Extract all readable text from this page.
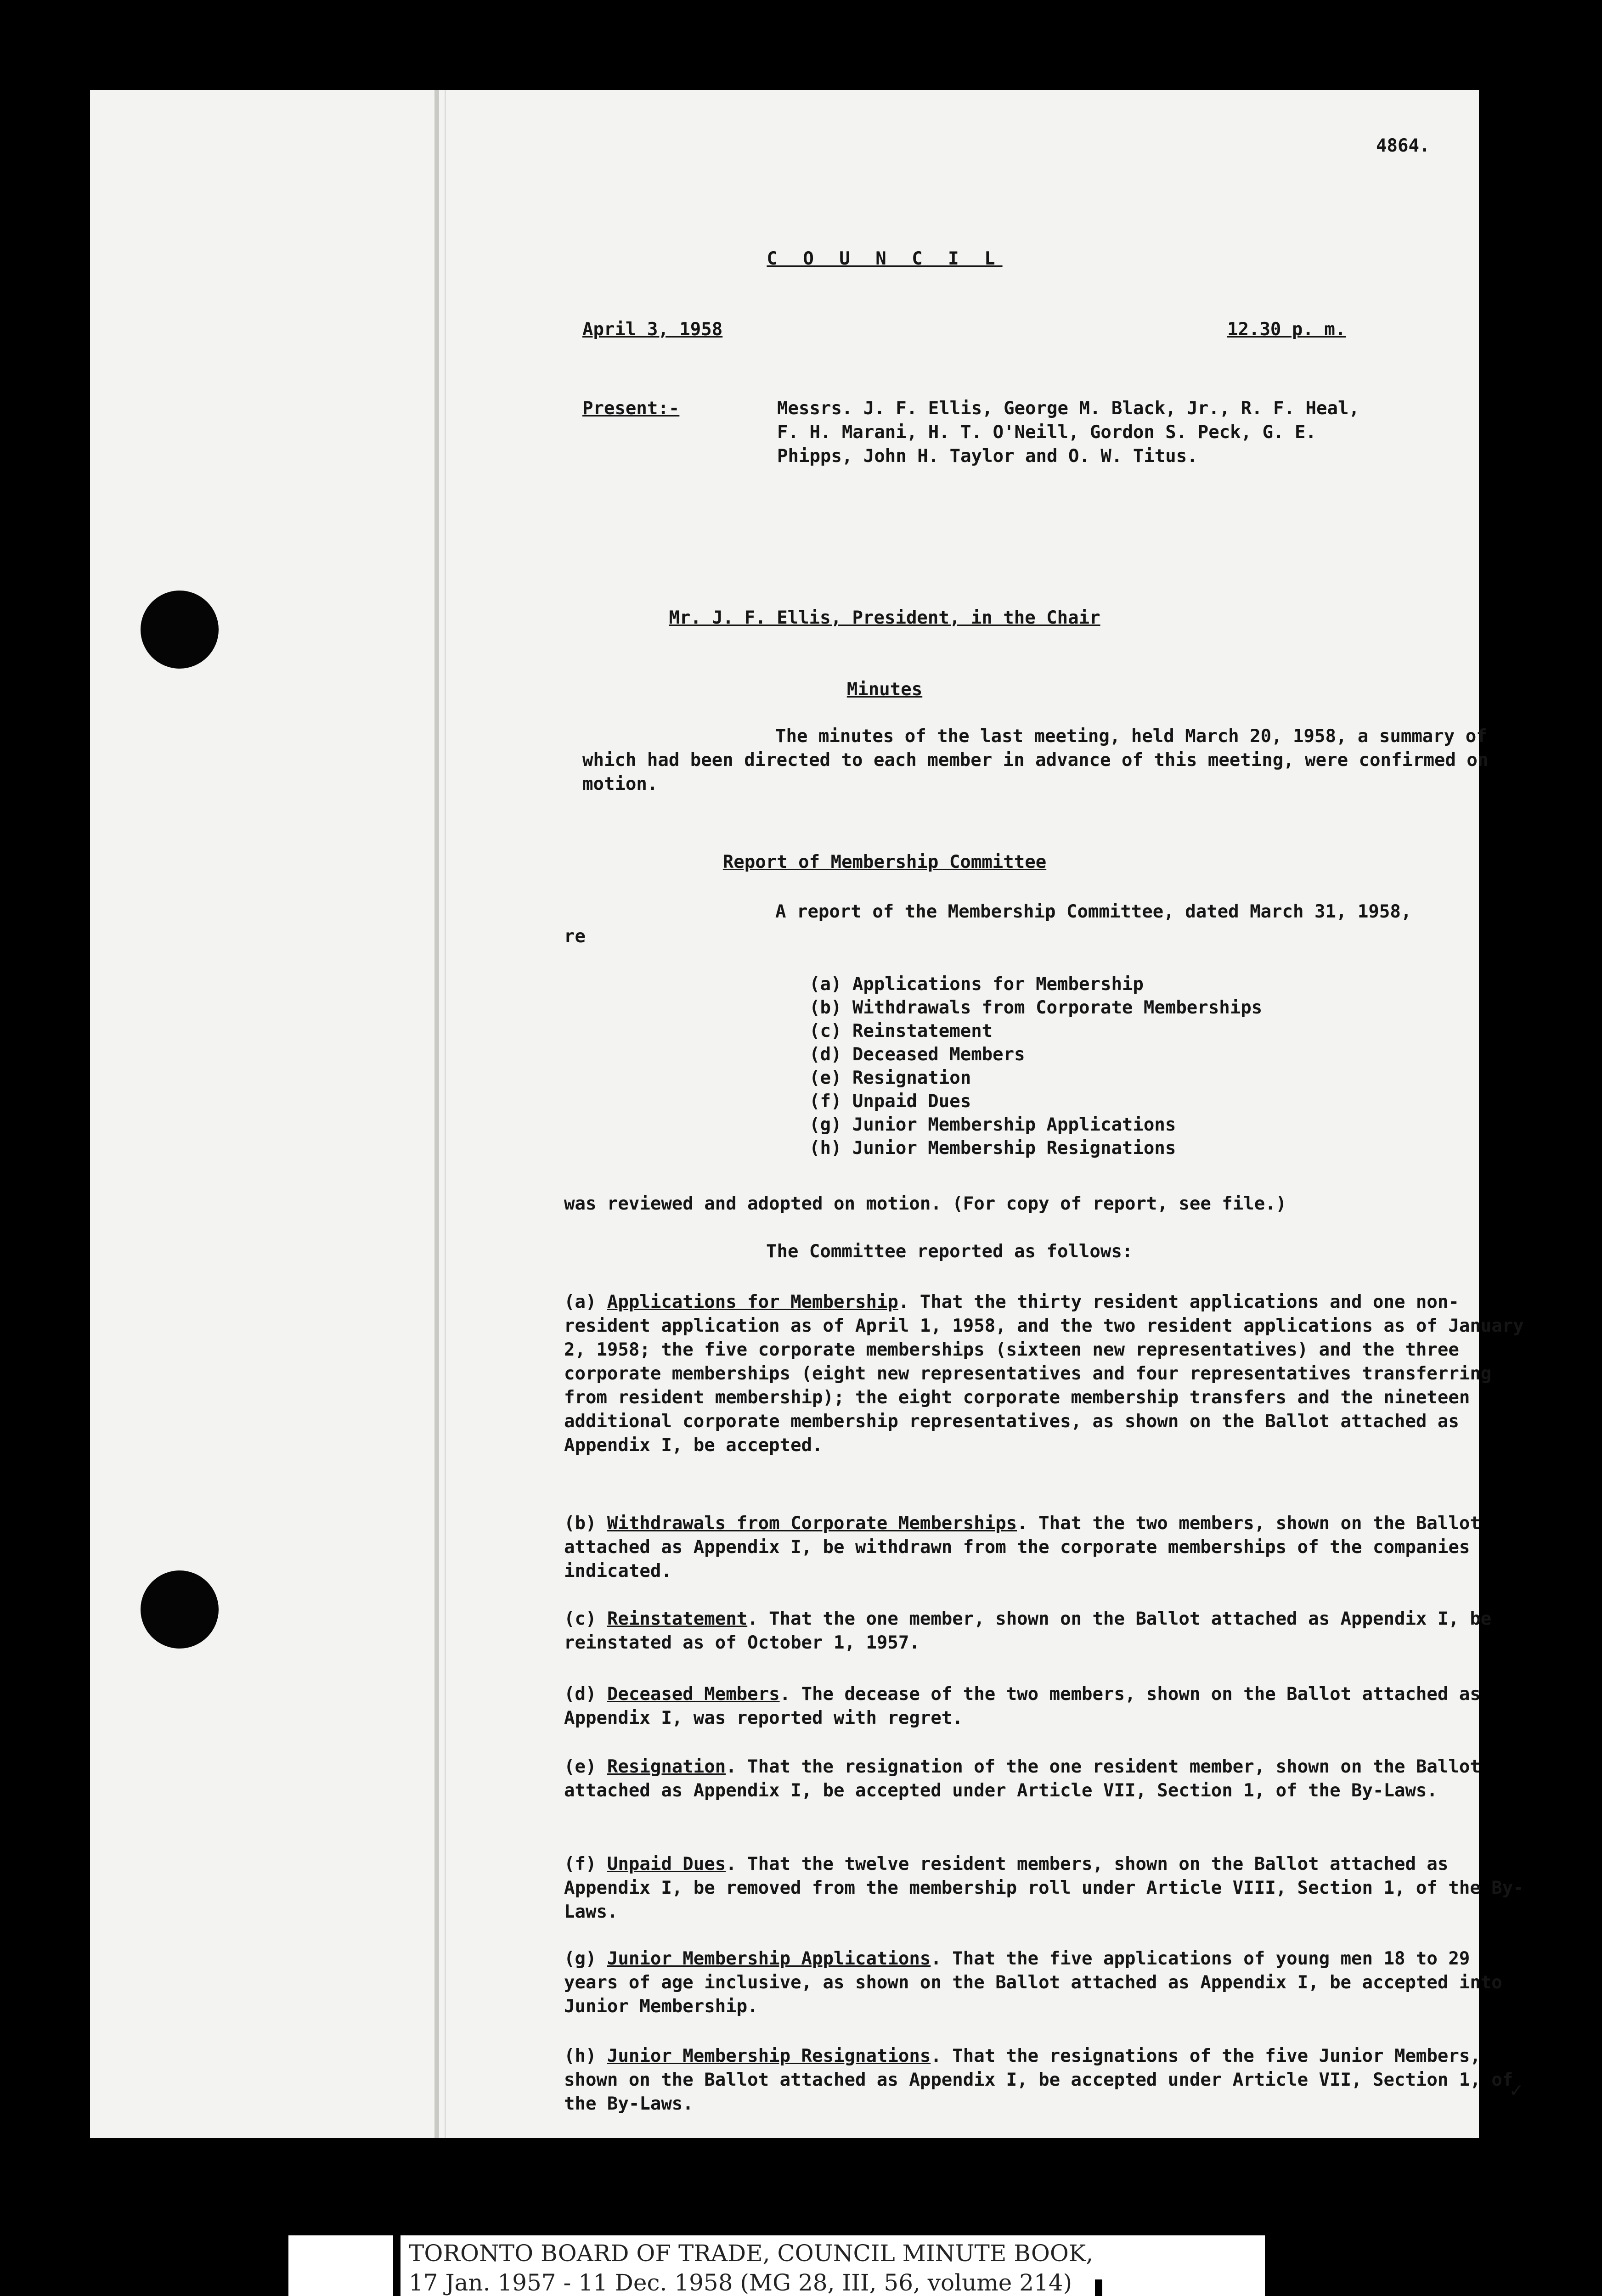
4864.
C O U N C I L
April 3, 1958	12.30 p. m.
Present:-	Messrs. J. F. Ellis, George M. Black, Jr., R. F. Heal,
F. H. Marani, H. T. O'Neill, Gordon S. Peck, G. E.
Phipps, John H. Taylor and O. W. Titus.
Mr. J. F. Ellis, President, in the Chair
Minutes
The minutes of the last meeting, held March 20, 1958, a summary of which had been directed to each member in advance of this meeting, were confirmed on motion.
Report of Membership Committee
A report of the Membership Committee, dated March 31, 1958,
re
(a) Applications for Membership
(b) Withdrawals from Corporate Memberships
(c) Reinstatement
(d) Deceased Members
(e) Resignation
(f) Unpaid Dues
(g) Junior Membership Applications
(h) Junior Membership Resignations
was reviewed and adopted on motion. (For copy of report, see file.)
The Committee reported as follows:
(a) Applications for Membership. That the thirty resident applications and one non-resident application as of April 1, 1958, and the two resident applications as of January 2, 1958; the five corporate memberships (sixteen new representatives) and the three corporate memberships (eight new representatives and four representatives transferring from resident membership); the eight corporate membership transfers and the nineteen additional corporate membership representatives, as shown on the Ballot attached as Appendix I, be accepted.
(b) Withdrawals from Corporate Memberships. That the two members, shown on the Ballot attached as Appendix I, be withdrawn from the corporate memberships of the companies indicated.
(c) Reinstatement. That the one member, shown on the Ballot attached as Appendix I, be reinstated as of October 1, 1957.
(d) Deceased Members. The decease of the two members, shown on the Ballot attached as Appendix I, was reported with regret.
(e) Resignation. That the resignation of the one resident member, shown on the Ballot attached as Appendix I, be accepted under Article VII, Section 1, of the By-Laws.
(f) Unpaid Dues. That the twelve resident members, shown on the Ballot attached as Appendix I, be removed from the membership roll under Article VIII, Section 1, of the By-Laws.
(g) Junior Membership Applications. That the five applications of young men 18 to 29 years of age inclusive, as shown on the Ballot attached as Appendix I, be accepted into Junior Membership.
(h) Junior Membership Resignations. That the resignations of the five Junior Members, shown on the Ballot attached as Appendix I, be accepted under Article VII, Section 1, of the By-Laws.
✓
TORONTO BOARD OF TRADE, COUNCIL MINUTE BOOK,
17 Jan. 1957 - 11 Dec. 1958 (MG 28, III, 56, volume 214)
